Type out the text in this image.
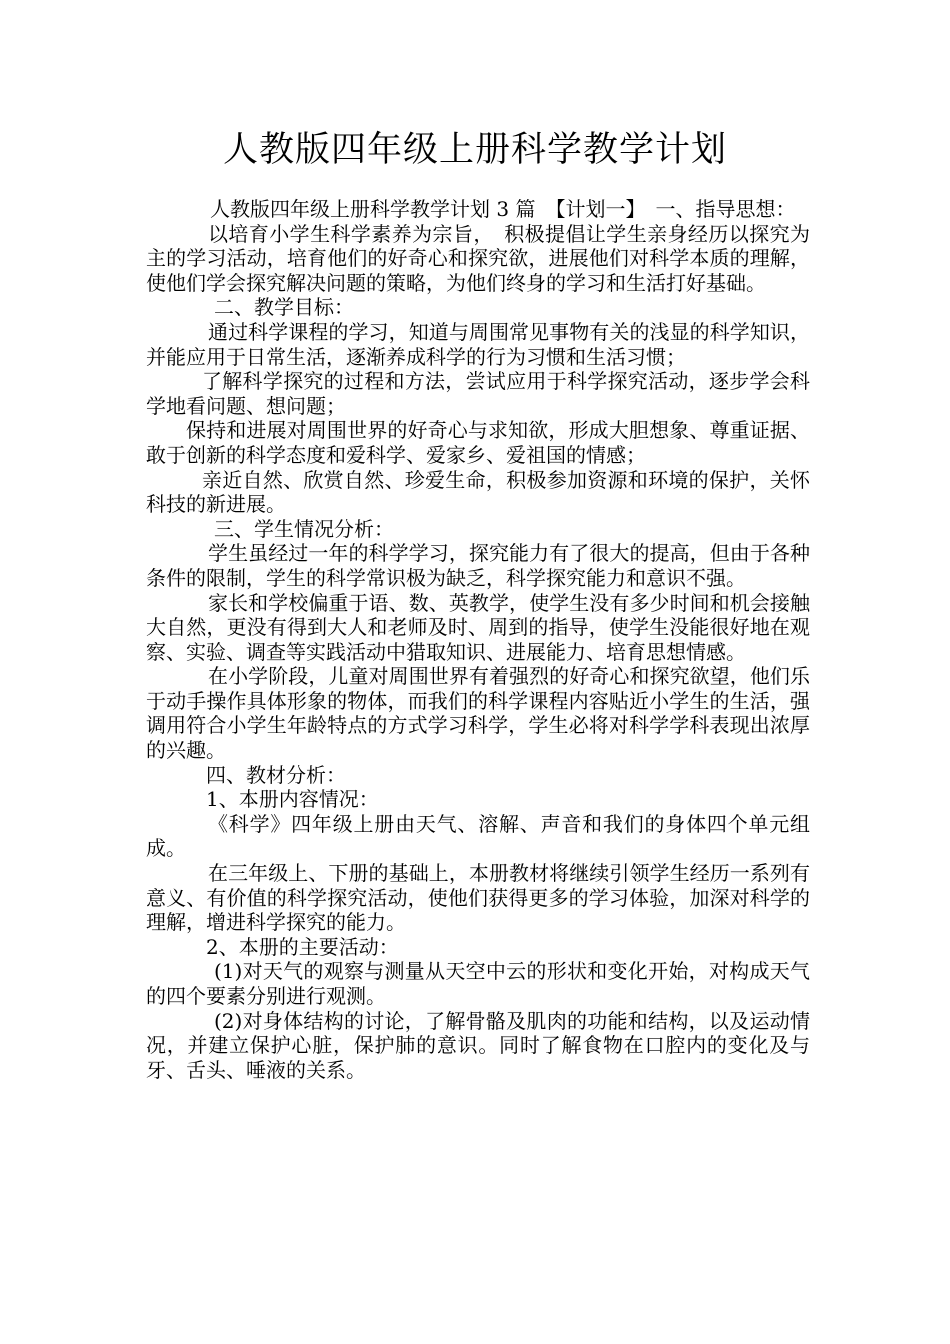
人教版四年级上册科学教学计划

人教版四年级上册科学教学计划 3 篇　【计划一】　一、指导思想：

以培育小学生科学素养为宗旨，　积极提倡让学生亲身经历以探究为主的学习活动，培育他们的好奇心和探究欲，进展他们对科学本质的理解，使他们学会探究解决问题的策略，为他们终身的学习和生活打好基础。

二、教学目标：

通过科学课程的学习，知道与周围常见事物有关的浅显的科学知识，并能应用于日常生活，逐渐养成科学的行为习惯和生活习惯；

了解科学探究的过程和方法，尝试应用于科学探究活动，逐步学会科学地看问题、想问题；

保持和进展对周围世界的好奇心与求知欲，形成大胆想象、尊重证据、敢于创新的科学态度和爱科学、爱家乡、爱祖国的情感；

亲近自然、欣赏自然、珍爱生命，积极参加资源和环境的保护，关怀科技的新进展。

三、学生情况分析：

学生虽经过一年的科学学习，探究能力有了很大的提高，但由于各种条件的限制，学生的科学常识极为缺乏，科学探究能力和意识不强。

家长和学校偏重于语、数、英教学，使学生没有多少时间和机会接触大自然，更没有得到大人和老师及时、周到的指导，使学生没能很好地在观察、实验、调查等实践活动中猎取知识、进展能力、培育思想情感。

在小学阶段，儿童对周围世界有着强烈的好奇心和探究欲望，他们乐于动手操作具体形象的物体，而我们的科学课程内容贴近小学生的生活，强调用符合小学生年龄特点的方式学习科学，学生必将对科学学科表现出浓厚的兴趣。

四、教材分析：

1、本册内容情况：

《科学》四年级上册由天气、溶解、声音和我们的身体四个单元组成。

在三年级上、下册的基础上，本册教材将继续引领学生经历一系列有意义、有价值的科学探究活动，使他们获得更多的学习体验，加深对科学的理解，增进科学探究的能力。

2、本册的主要活动：

(1)对天气的观察与测量从天空中云的形状和变化开始，对构成天气的四个要素分别进行观测。

(2)对身体结构的讨论，了解骨骼及肌肉的功能和结构，以及运动情况，并建立保护心脏，保护肺的意识。同时了解食物在口腔内的变化及与牙、舌头、唾液的关系。
